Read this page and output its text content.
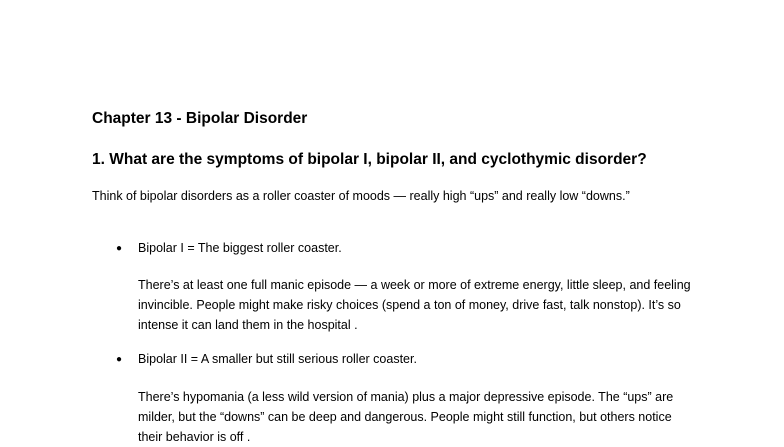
Chapter 13 - Bipolar Disorder
1. What are the symptoms of bipolar I, bipolar II, and cyclothymic disorder?

Think of bipolar disorders as a roller coaster of moods — really high “ups” and really low “downs.”

● Bipolar I = The biggest roller coaster.

There’s at least one full manic episode — a week or more of extreme energy, little sleep, and feeling invincible. People might make risky choices (spend a ton of money, drive fast, talk nonstop). It’s so intense it can land them in the hospital .

● Bipolar II = A smaller but still serious roller coaster.

There’s hypomania (a less wild version of mania) plus a major depressive episode. The “ups” are milder, but the “downs” can be deep and dangerous. People might still function, but others notice their behavior is off .
